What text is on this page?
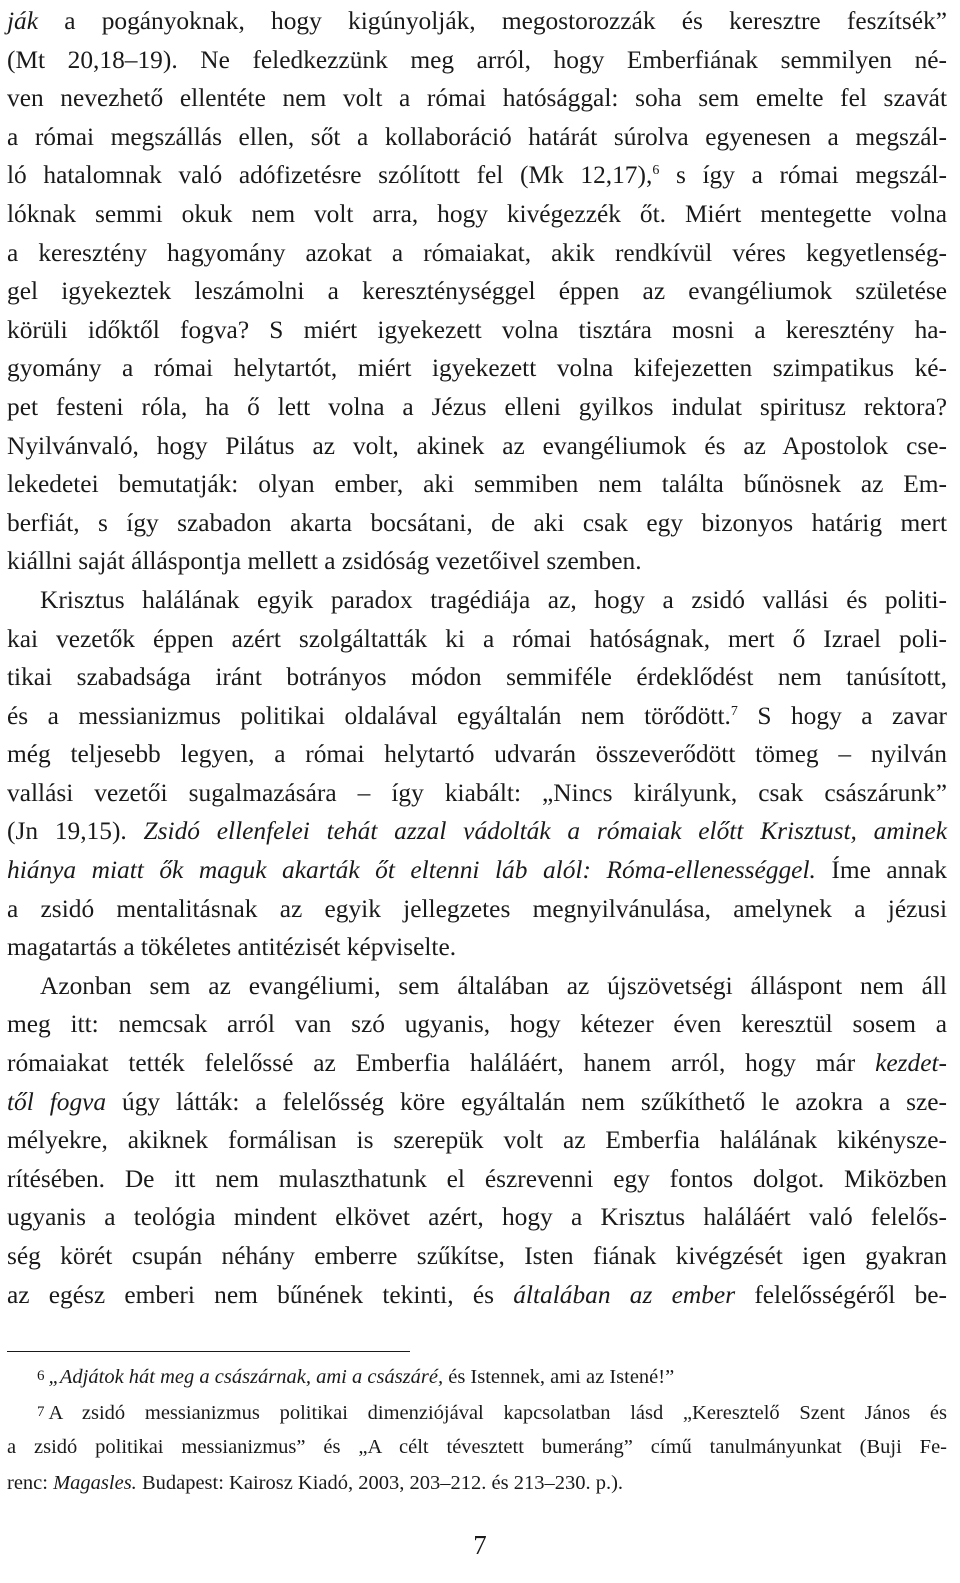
ják a pogányoknak, hogy kigúnyolják, megostorozzák és keresztre feszítsék”
(Mt 20,18–19). Ne feledkezzünk meg arról, hogy Emberfiának semmilyen né-
ven nevezhető ellentéte nem volt a római hatósággal: soha sem emelte fel szavát
a római megszállás ellen, sőt a kollaboráció határát súrolva egyenesen a megszál-
ló hatalomnak való adófizetésre szólított fel (Mk 12,17),$^6$ s így a római megszál-
lóknak semmi okuk nem volt arra, hogy kivégezzék őt. Miért mentegette volna
a keresztény hagyomány azokat a rómaiakat, akik rendkívül véres kegyetlenség-
gel igyekeztek leszámolni a kereszténységgel éppen az evangéliumok születése
körüli időktől fogva? S miért igyekezett volna tisztára mosni a keresztény ha-
gyomány a római helytartót, miért igyekezett volna kifejezetten szimpatikus ké-
pet festeni róla, ha ő lett volna a Jézus elleni gyilkos indulat spiritusz rektora?
Nyilvánvaló, hogy Pilátus az volt, akinek az evangéliumok és az Apostolok cse-
lekedetei bemutatják: olyan ember, aki semmiben nem találta bűnösnek az Em-
berfiát, s így szabadon akarta bocsátani, de aki csak egy bizonyos határig mert
kiállni saját álláspontja mellett a zsidóság vezetőivel szemben.
Krisztus halálának egyik paradox tragédiája az, hogy a zsidó vallási és politi-
kai vezetők éppen azért szolgáltatták ki a római hatóságnak, mert ő Izrael poli-
tikai szabadsága iránt botrányos módon semmiféle érdeklődést nem tanúsított,
és a messianizmus politikai oldalával egyáltalán nem törődött.$^7$ S hogy a zavar
még teljesebb legyen, a római helytartó udvarán összeverődött tömeg – nyilván
vallási vezetői sugalmazására – így kiabált: „Nincs királyunk, csak császárunk”
(Jn 19,15). Zsidó ellenfelei tehát azzal vádolták a rómaiak előtt Krisztust, aminek
hiánya miatt ők maguk akarták őt eltenni láb alól: Róma-ellenességgel. Íme annak
a zsidó mentalitásnak az egyik jellegzetes megnyilvánulása, amelynek a jézusi
magatartás a tökéletes antitézisét képviselte.
Azonban sem az evangéliumi, sem általában az újszövetségi álláspont nem áll
meg itt: nemcsak arról van szó ugyanis, hogy kétezer éven keresztül sosem a
rómaiakat tették felelőssé az Emberfia haláláért, hanem arról, hogy már kezdet-
től fogva úgy látták: a felelősség köre egyáltalán nem szűkíthető le azokra a sze-
mélyekre, akiknek formálisan is szerepük volt az Emberfia halálának kikénysze-
rítésében. De itt nem mulaszthatunk el észrevenni egy fontos dolgot. Miközben
ugyanis a teológia mindent elkövet azért, hogy a Krisztus haláláért való felelős-
ség körét csupán néhány emberre szűkítse, Isten fiának kivégzését igen gyakran
az egész emberi nem bűnének tekinti, és általában az ember felelősségéről be-
6 „Adjátok hát meg a császárnak, ami a császáré, és Istennek, ami az Istené!”
7 A zsidó messianizmus politikai dimenziójával kapcsolatban lásd „Keresztelő Szent János és
a zsidó politikai messianizmus” és „A célt tévesztett bumeráng” című tanulmányunkat (Buji Fe-
renc: Magasles. Budapest: Kairosz Kiadó, 2003, 203–212. és 213–230. p.).
7
